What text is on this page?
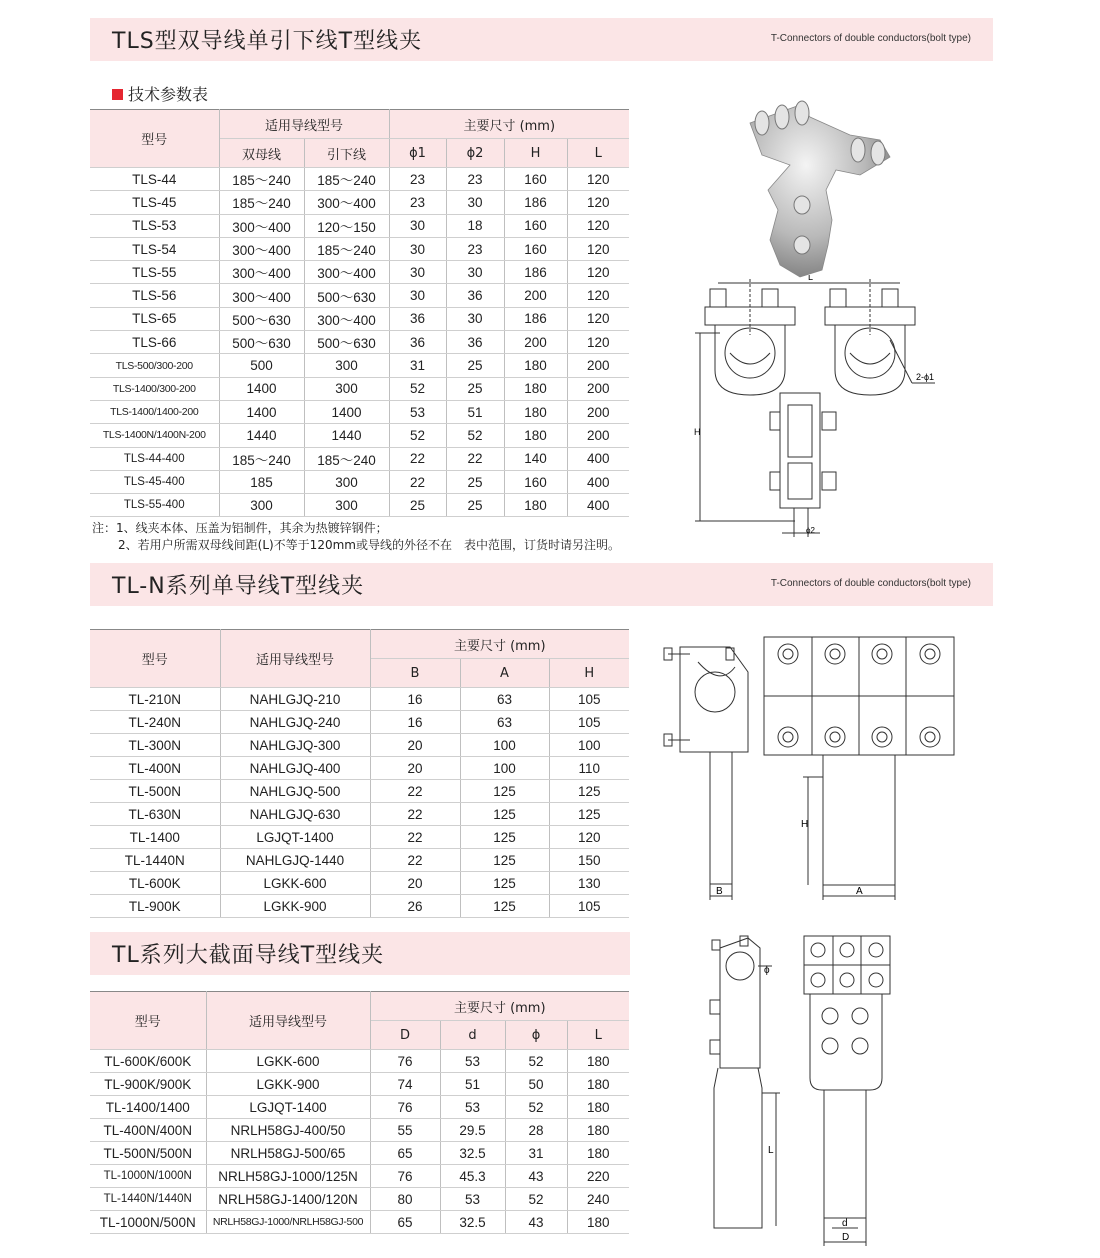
TLS型双导线单引下线T型线夹	T-Connectors of double conductors(bolt type)
技术参数表
型号	适用导线型号		主要尺寸 (mm)			
	双母线	引下线	ϕ1	ϕ2	H	L
TLS-44	185～240	185～240	23	23	160	120
TLS-45	185～240	300～400	23	30	186	120
TLS-53	300～400	120～150	30	18	160	120
TLS-54	300～400	185～240	30	23	160	120
TLS-55	300～400	300～400	30	30	186	120
TLS-56	300～400	500～630	30	36	200	120
TLS-65	500～630	300～400	36	30	186	120
TLS-66	500～630	500～630	36	36	200	120
TLS-500/300-200	500	300	31	25	180	200
TLS-1400/300-200	1400	300	52	25	180	200
TLS-1400/1400-200	1400	1400	53	51	180	200
TLS-1400N/1400N-200	1440	1440	52	52	180	200
TLS-44-400	185～240	185～240	22	22	140	400
TLS-45-400	185	300	22	25	160	400
TLS-55-400	300	300	25	25	180	400
注：1、线夹本体、压盖为铝制件，其余为热镀锌钢件；
2、若用户所需双母线间距(L)不等于120mm或导线的外径不在　表中范围，订货时请另注明。
L
H
2-ϕ1
ϕ2
TL-N系列单导线T型线夹	T-Connectors of double conductors(bolt type)
型号	适用导线型号	主要尺寸 (mm)		
		B	A	H
TL-210N	NAHLGJQ-210	16	63	105
TL-240N	NAHLGJQ-240	16	63	105
TL-300N	NAHLGJQ-300	20	100	100
TL-400N	NAHLGJQ-400	20	100	110
TL-500N	NAHLGJQ-500	22	125	125
TL-630N	NAHLGJQ-630	22	125	125
TL-1400	LGJQT-1400	22	125	120
TL-1440N	NAHLGJQ-1440	22	125	150
TL-600K	LGKK-600	20	125	130
TL-900K	LGKK-900	26	125	105
B	A
H
TL系列大截面导线T型线夹
型号	适用导线型号	主要尺寸 (mm)			
		D	d	ϕ	L
TL-600K/600K	LGKK-600	76	53	52	180
TL-900K/900K	LGKK-900	74	51	50	180
TL-1400/1400	LGJQT-1400	76	53	52	180
TL-400N/400N	NRLH58GJ-400/50	55	29.5	28	180
TL-500N/500N	NRLH58GJ-500/65	65	32.5	31	180
TL-1000N/1000N	NRLH58GJ-1000/125N	76	45.3	43	220
TL-1440N/1440N	NRLH58GJ-1400/120N	80	53	52	240
TL-1000N/500N	NRLH58GJ-1000/NRLH58GJ-500	65	32.5	43	180
ϕ
L
d
D
